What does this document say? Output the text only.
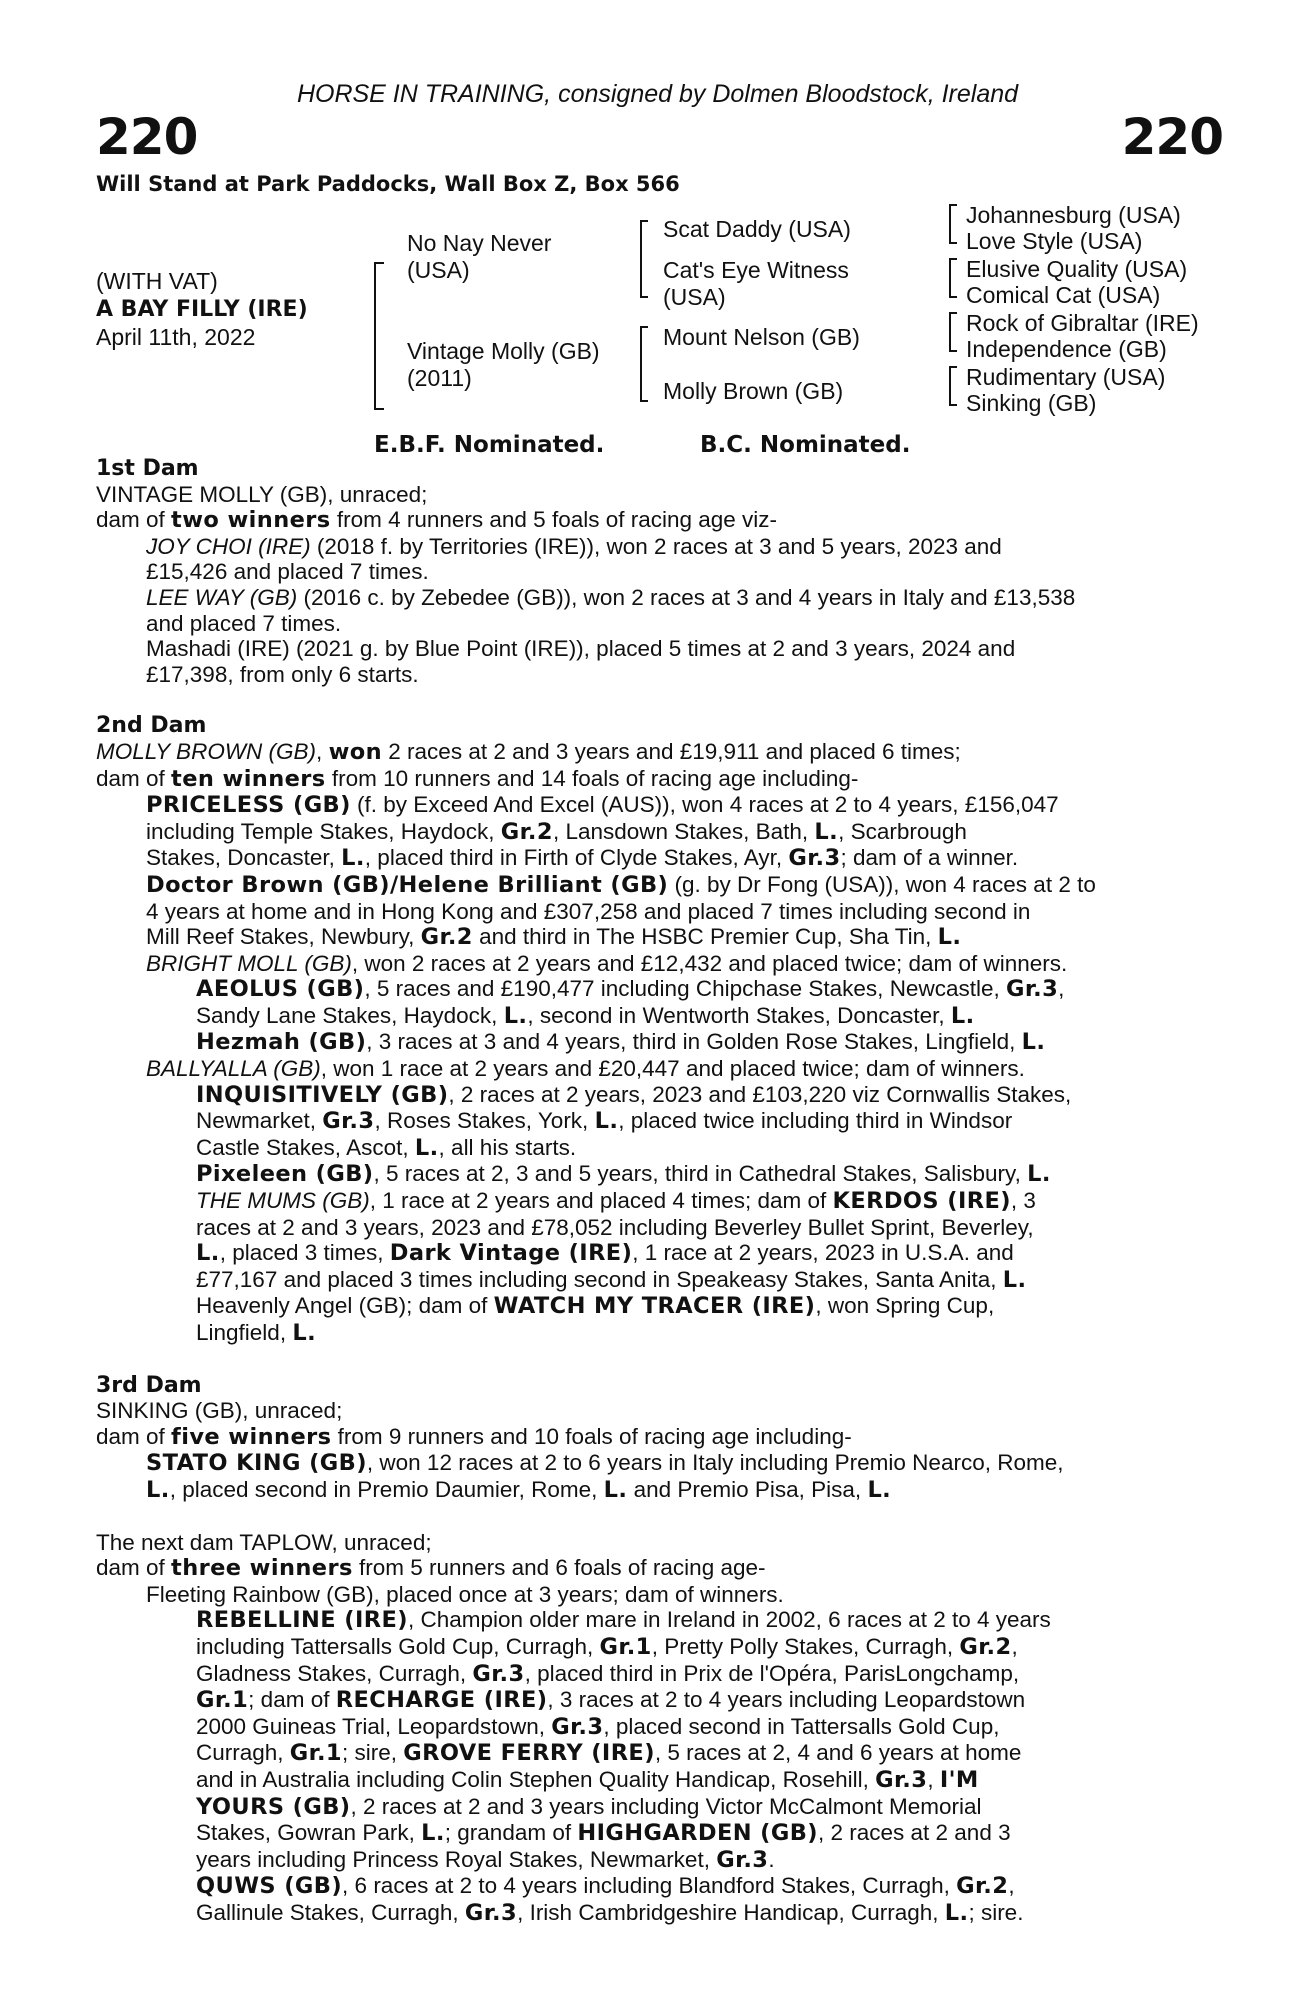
HORSE IN TRAINING, consigned by Dolmen Bloodstock, Ireland
220	220
Will Stand at Park Paddocks, Wall Box Z, Box 566
(WITH VAT)
A BAY FILLY (IRE)
April 11th, 2022
No Nay Never
(USA)
Vintage Molly (GB)
(2011)
Scat Daddy (USA)
Cat's Eye Witness
(USA)
Mount Nelson (GB)
Molly Brown (GB)
Johannesburg (USA)
Love Style (USA)
Elusive Quality (USA)
Comical Cat (USA)
Rock of Gibraltar (IRE)
Independence (GB)
Rudimentary (USA)
Sinking (GB)
E.B.F. Nominated.	B.C. Nominated.

1st Dam

VINTAGE MOLLY (GB), unraced;

dam of two winners from 4 runners and 5 foals of racing age viz-

JOY CHOI (IRE) (2018 f. by Territories (IRE)), won 2 races at 3 and 5 years, 2023 and
£15,426 and placed 7 times.

LEE WAY (GB) (2016 c. by Zebedee (GB)), won 2 races at 3 and 4 years in Italy and £13,538
and placed 7 times.

Mashadi (IRE) (2021 g. by Blue Point (IRE)), placed 5 times at 2 and 3 years, 2024 and
£17,398, from only 6 starts.

2nd Dam

MOLLY BROWN (GB), won 2 races at 2 and 3 years and £19,911 and placed 6 times;

dam of ten winners from 10 runners and 14 foals of racing age including-

PRICELESS (GB) (f. by Exceed And Excel (AUS)), won 4 races at 2 to 4 years, £156,047
including Temple Stakes, Haydock, Gr.2, Lansdown Stakes, Bath, L., Scarbrough
Stakes, Doncaster, L., placed third in Firth of Clyde Stakes, Ayr, Gr.3; dam of a winner.

Doctor Brown (GB)/Helene Brilliant (GB) (g. by Dr Fong (USA)), won 4 races at 2 to
4 years at home and in Hong Kong and £307,258 and placed 7 times including second in
Mill Reef Stakes, Newbury, Gr.2 and third in The HSBC Premier Cup, Sha Tin, L.

BRIGHT MOLL (GB), won 2 races at 2 years and £12,432 and placed twice; dam of winners.

AEOLUS (GB), 5 races and £190,477 including Chipchase Stakes, Newcastle, Gr.3,
Sandy Lane Stakes, Haydock, L., second in Wentworth Stakes, Doncaster, L.

Hezmah (GB), 3 races at 3 and 4 years, third in Golden Rose Stakes, Lingfield, L.

BALLYALLA (GB), won 1 race at 2 years and £20,447 and placed twice; dam of winners.

INQUISITIVELY (GB), 2 races at 2 years, 2023 and £103,220 viz Cornwallis Stakes,
Newmarket, Gr.3, Roses Stakes, York, L., placed twice including third in Windsor
Castle Stakes, Ascot, L., all his starts.

Pixeleen (GB), 5 races at 2, 3 and 5 years, third in Cathedral Stakes, Salisbury, L.

THE MUMS (GB), 1 race at 2 years and placed 4 times; dam of KERDOS (IRE), 3
races at 2 and 3 years, 2023 and £78,052 including Beverley Bullet Sprint, Beverley,
L., placed 3 times, Dark Vintage (IRE), 1 race at 2 years, 2023 in U.S.A. and
£77,167 and placed 3 times including second in Speakeasy Stakes, Santa Anita, L.

Heavenly Angel (GB); dam of WATCH MY TRACER (IRE), won Spring Cup,
Lingfield, L.

3rd Dam

SINKING (GB), unraced;

dam of five winners from 9 runners and 10 foals of racing age including-

STATO KING (GB), won 12 races at 2 to 6 years in Italy including Premio Nearco, Rome,
L., placed second in Premio Daumier, Rome, L. and Premio Pisa, Pisa, L.

The next dam TAPLOW, unraced;

dam of three winners from 5 runners and 6 foals of racing age-

Fleeting Rainbow (GB), placed once at 3 years; dam of winners.

REBELLINE (IRE), Champion older mare in Ireland in 2002, 6 races at 2 to 4 years
including Tattersalls Gold Cup, Curragh, Gr.1, Pretty Polly Stakes, Curragh, Gr.2,
Gladness Stakes, Curragh, Gr.3, placed third in Prix de l'Opéra, ParisLongchamp,
Gr.1; dam of RECHARGE (IRE), 3 races at 2 to 4 years including Leopardstown
2000 Guineas Trial, Leopardstown, Gr.3, placed second in Tattersalls Gold Cup,
Curragh, Gr.1; sire, GROVE FERRY (IRE), 5 races at 2, 4 and 6 years at home
and in Australia including Colin Stephen Quality Handicap, Rosehill, Gr.3, I'M
YOURS (GB), 2 races at 2 and 3 years including Victor McCalmont Memorial
Stakes, Gowran Park, L.; grandam of HIGHGARDEN (GB), 2 races at 2 and 3
years including Princess Royal Stakes, Newmarket, Gr.3.

QUWS (GB), 6 races at 2 to 4 years including Blandford Stakes, Curragh, Gr.2,
Gallinule Stakes, Curragh, Gr.3, Irish Cambridgeshire Handicap, Curragh, L.; sire.
